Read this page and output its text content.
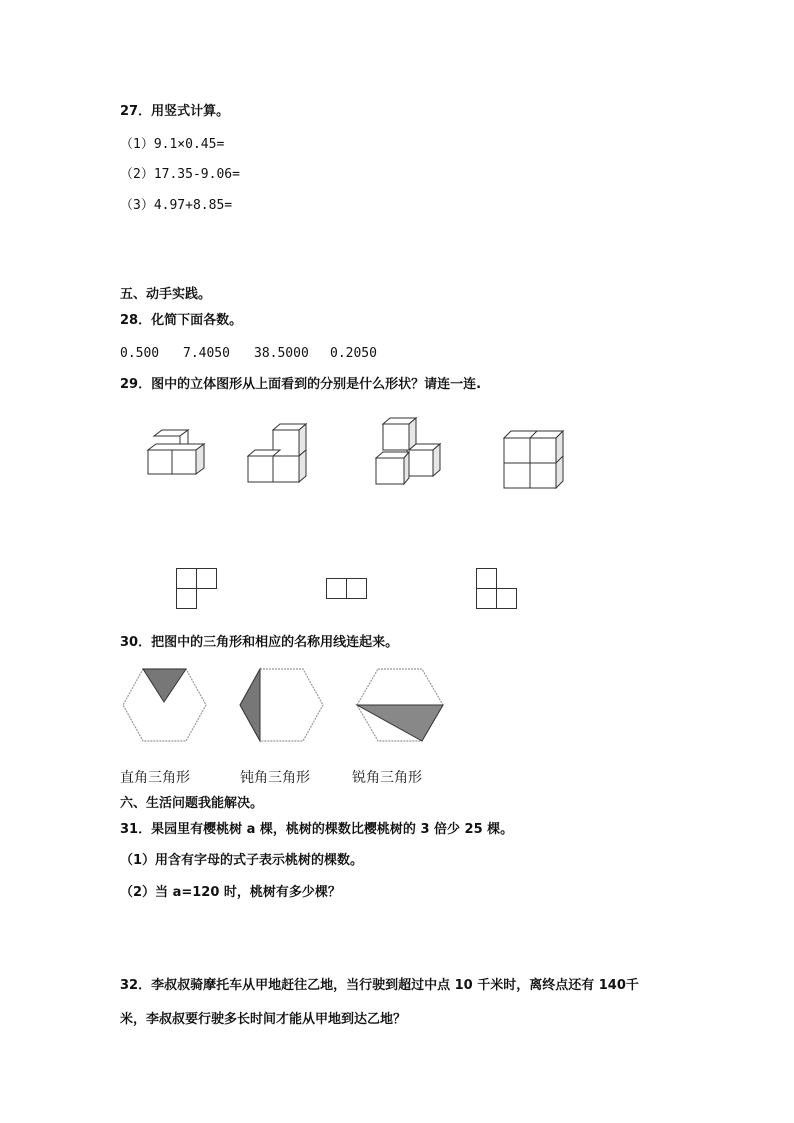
27．用竖式计算。
（1）9.1×0.45=
（2）17.35-9.06=
（3）4.97+8.85=
五、动手实践。
28．化简下面各数。
0.500 7.4050 38.5000 0.2050
29．图中的立体图形从上面看到的分别是什么形状？请连一连.
30．把图中的三角形和相应的名称用线连起来。
直角三角形	钝角三角形	锐角三角形
六、生活问题我能解决。
31．果园里有樱桃树 a 棵，桃树的棵数比樱桃树的 3 倍少 25 棵。
（1）用含有字母的式子表示桃树的棵数。
（2）当 a=120 时，桃树有多少棵？
32．李叔叔骑摩托车从甲地赶往乙地，当行驶到超过中点 10 千米时，离终点还有 140千
米，李叔叔要行驶多长时间才能从甲地到达乙地？
